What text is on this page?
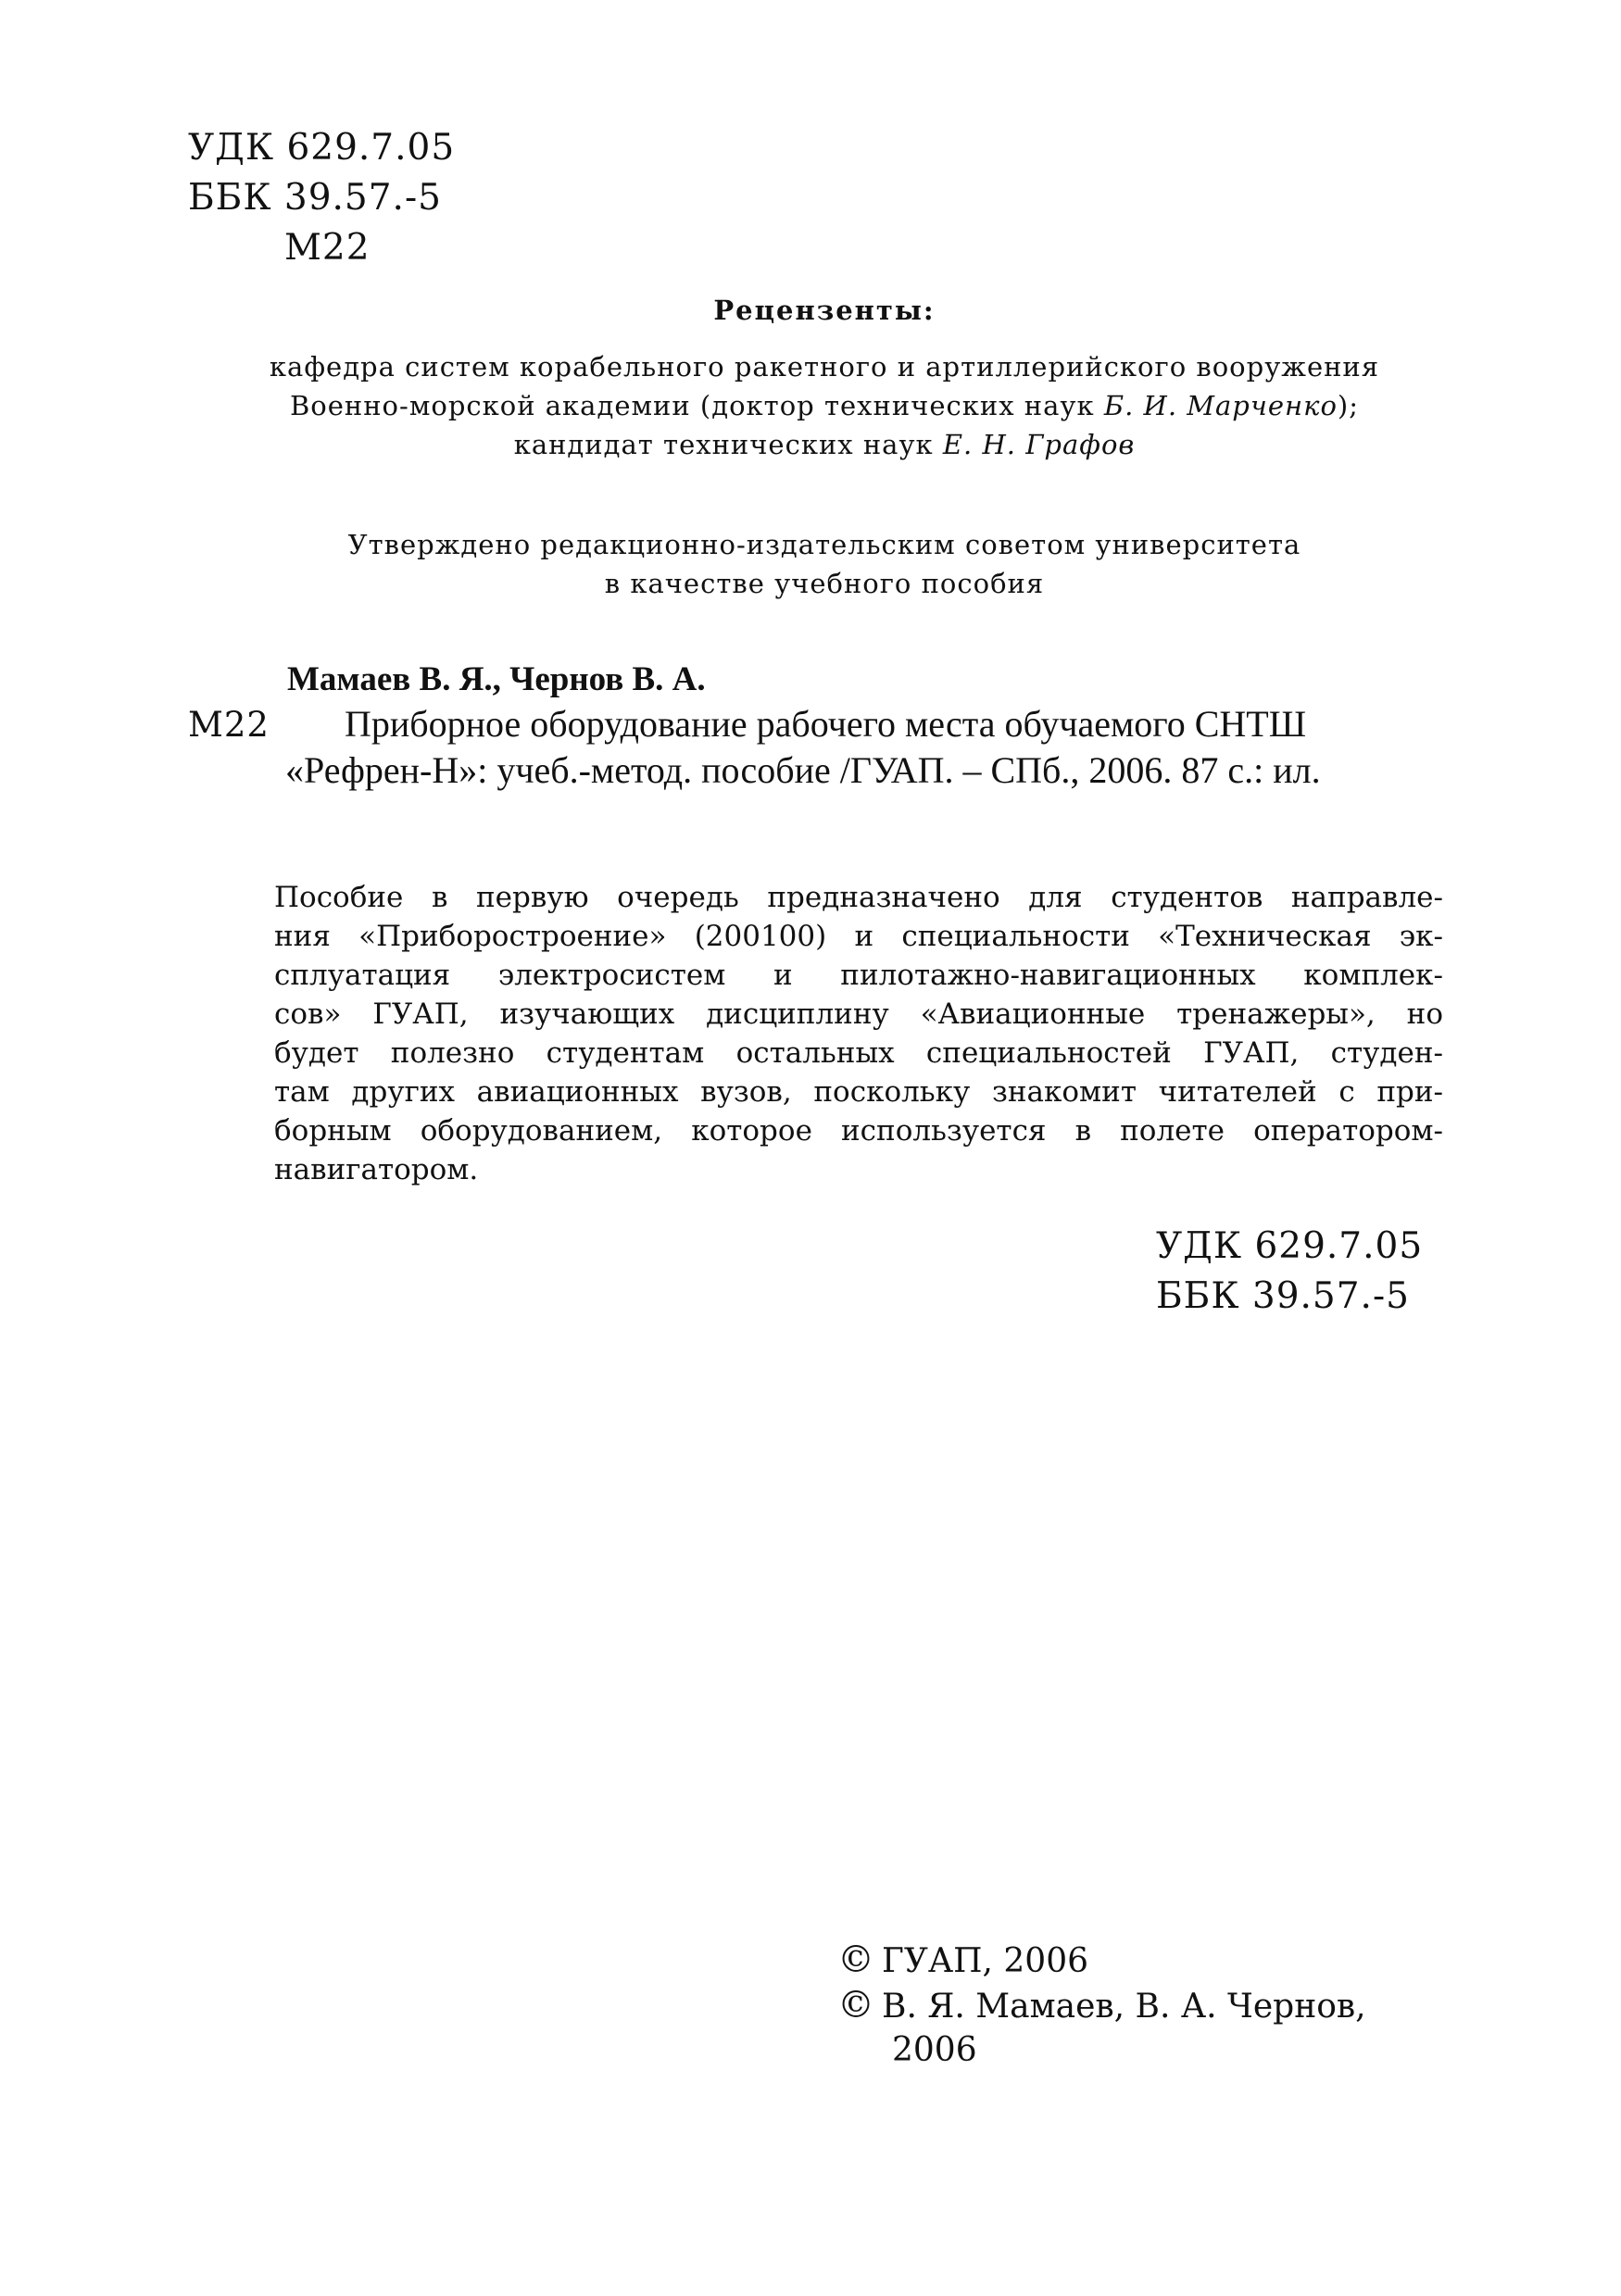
УДК 629.7.05
ББК 39.57.-5
М22
Рецензенты:
кафедра систем корабельного ракетного и артиллерийского вооружения
Военно-морской академии (доктор технических наук Б. И. Марченко);
кандидат технических наук Е. Н. Графов
Утверждено редакционно-издательским советом университета
в качестве учебного пособия
Мамаев В. Я., Чернов В. А.
М22 Приборное оборудование рабочего места обучаемого СНТШ
«Рефрен-Н»: учеб.-метод. пособие /ГУАП. – СПб., 2006. 87 с.: ил.
Пособие в первую очередь предназначено для студентов направле-
ния «Приборостроение» (200100) и специальности «Техническая эк-
сплуатация электросистем и пилотажно-навигационных комплек-
сов» ГУАП, изучающих дисциплину «Авиационные тренажеры», но
будет полезно студентам остальных специальностей ГУАП, студен-
там других авиационных вузов, поскольку знакомит читателей с при-
борным оборудованием, которое используется в полете оператором-
навигатором.
УДК 629.7.05
ББК 39.57.-5
© ГУАП, 2006
© В. Я. Мамаев, В. А. Чернов,
2006
